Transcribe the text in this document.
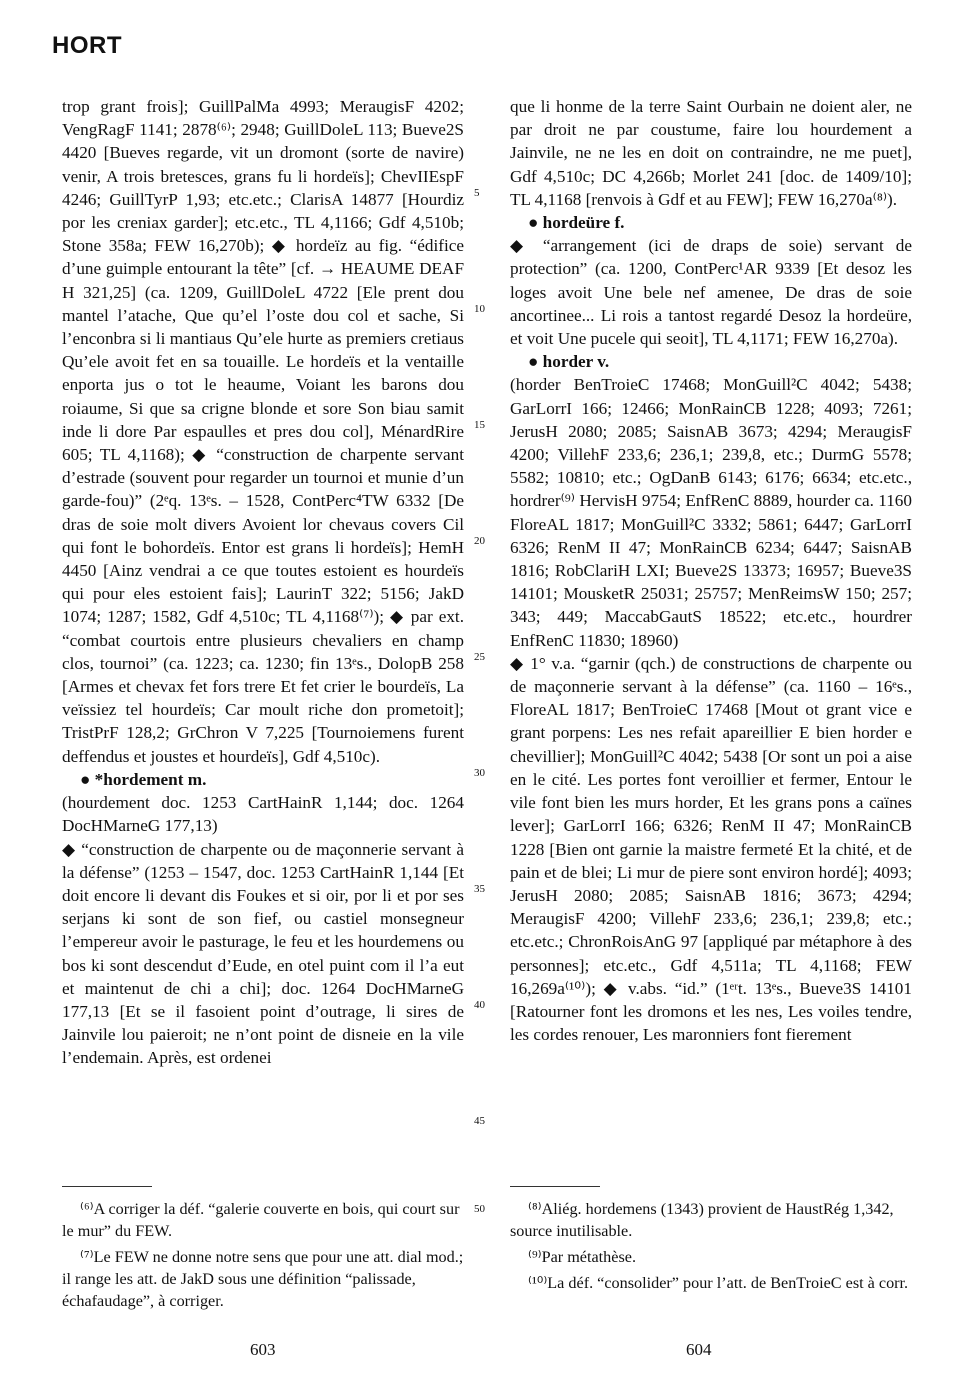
HORT

trop grant frois]; GuillPalMa 4993; MeraugisF 4202; VengRagF 1141; 2878⁽⁶⁾; 2948; GuillDoleL 113; Bueve2S 4420 [Bueves regarde, vit un dromont (sorte de navire) venir, A trois bretesces, grans fu li hordeïs]; ChevIIEspF 4246; GuillTyrP 1,93; etc.etc.; ClarisA 14877 [Hourdiz por les creniax garder]; etc.etc., TL 4,1166; Gdf 4,510b; Stone 358a; FEW 16,270b); ◆ hordeïz au fig. “édifice d’une guimple entourant la tête” [cf. → HEAUME DEAF H 321,25] (ca. 1209, GuillDoleL 4722 [Ele prent dou mantel l’atache, Que qu’el l’oste dou col et sache, Si l’enconbra si li mantiaus Qu’ele hurte as premiers cretiaus Qu’ele avoit fet en sa touaille. Le hordeïs et la ventaille enporta jus o tot le heaume, Voiant les barons dou roiaume, Si que sa crigne blonde et sore Son biau samit inde li dore Par espaulles et pres dou col], MénardRire 605; TL 4,1168); ◆ “construction de charpente servant d’estrade (souvent pour regarder un tournoi et munie d’un garde-fou)” (2ᵉq. 13ᵉs. – 1528, ContPerc⁴TW 6332 [De dras de soie molt divers Avoient lor chevaus covers Cil qui font le bohordeïs. Entor est grans li hordeïs]; HemH 4450 [Ainz vendrai a ce que toutes estoient es hourdeïs qui pour eles estoient fais]; LaurinT 322; 5156; JakD 1074; 1287; 1582, Gdf 4,510c; TL 4,1168⁽⁷⁾); ◆ par ext. “combat courtois entre plusieurs chevaliers en champ clos, tournoi” (ca. 1223; ca. 1230; fin 13ᵉs., DolopB 258 [Armes et chevax fet fors trere Et fet crier le bourdeïs, La veïssiez tel hourdeïs; Car moult riche don prometoit]; TristPrF 128,2; GrChron V 7,225 [Tournoiemens furent deffendus et joustes et hourdeïs], Gdf 4,510c).

● *hordement m.

(hourdement doc. 1253 CartHainR 1,144; doc. 1264 DocHMarneG 177,13)

◆ “construction de charpente ou de maçonnerie servant à la défense” (1253 – 1547, doc. 1253 CartHainR 1,144 [Et doit encore li devant dis Foukes et si oir, por li et por ses serjans ki sont de son fief, ou castiel monsegneur l’empereur avoir le pasturage, le feu et les hourdemens ou bos ki sont descendut d’Eude, en otel puint com il l’a eut et maintenut de chi a chi]; doc. 1264 DocHMarneG 177,13 [Et se il fasoient point d’outrage, li sires de Jainvile lou paieroit; ne n’ont point de disneie en la vile l’endemain. Après, est ordenei

5
10
15
20
25
30
35
40
45
50

que li honme de la terre Saint Ourbain ne doient aler, ne par droit ne par coustume, faire lou hourdement a Jainvile, ne ne les en doit on contraindre, ne me puet], Gdf 4,510c; DC 4,266b; Morlet 241 [doc. de 1409/10]; TL 4,1168 [renvois à Gdf et au FEW]; FEW 16,270a⁽⁸⁾).

● hordeüre f.

◆ “arrangement (ici de draps de soie) servant de protection” (ca. 1200, ContPerc¹AR 9339 [Et desoz les loges avoit Une bele nef amenee, De dras de soie ancortinee... Li rois a tantost regardé Desoz la hordeüre, et voit Une pucele qui seoit], TL 4,1171; FEW 16,270a).

● horder v.

(horder BenTroieC 17468; MonGuill²C 4042; 5438; GarLorrI 166; 12466; MonRainCB 1228; 4093; 7261; JerusH 2080; 2085; SaisnAB 3673; 4294; MeraugisF 4200; VillehF 233,6; 236,1; 239,8, etc.; DurmG 5578; 5582; 10810; etc.; OgDanB 6143; 6176; 6634; etc.etc., hordrer⁽⁹⁾ HervisH 9754; EnfRenC 8889, hourder ca. 1160 FloreAL 1817; MonGuill²C 3332; 5861; 6447; GarLorrI 6326; RenM II 47; MonRainCB 6234; 6447; SaisnAB 1816; RobClariH LXI; Bueve2S 13373; 16957; Bueve3S 14101; MousketR 25031; 25757; MenReimsW 150; 257; 343; 449; MaccabGautS 18522; etc.etc., hourdrer EnfRenC 11830; 18960)

◆ 1° v.a. “garnir (qch.) de constructions de charpente ou de maçonnerie servant à la défense” (ca. 1160 – 16ᵉs., FloreAL 1817; BenTroieC 17468 [Mout ot grant vice e grant porpens: Les nes refait apareillier E bien horder e chevillier]; MonGuill²C 4042; 5438 [Or sont un poi a aise en le cité. Les portes font veroillier et fermer, Entour le vile font bien les murs horder, Et les grans pons a caïnes lever]; GarLorrI 166; 6326; RenM II 47; MonRainCB 1228 [Bien ont garnie la maistre fermeté Et la chité, et de pain et de blei; Li mur de piere sont environ hordé]; 4093; JerusH 2080; 2085; SaisnAB 1816; 3673; 4294; MeraugisF 4200; VillehF 233,6; 236,1; 239,8; etc.; etc.etc.; ChronRoisAnG 97 [appliqué par métaphore à des personnes]; etc.etc., Gdf 4,511a; TL 4,1168; FEW 16,269a⁽¹⁰⁾); ◆ v.abs. “id.” (1ᵉʳt. 13ᵉs., Bueve3S 14101 [Ratourner font les dromons et les nes, Les voiles tendre, les cordes renouer, Les maronniers font fierement

⁽⁶⁾A corriger la déf. “galerie couverte en bois, qui court sur le mur” du FEW.

⁽⁷⁾Le FEW ne donne notre sens que pour une att. dial mod.; il range les att. de JakD sous une définition “palissade, échafaudage”, à corriger.

⁽⁸⁾Aliég. hordemens (1343) provient de HaustRég 1,342, source inutilisable.

⁽⁹⁾Par métathèse.

⁽¹⁰⁾La déf. “consolider” pour l’att. de BenTroieC est à corr.

603	604
